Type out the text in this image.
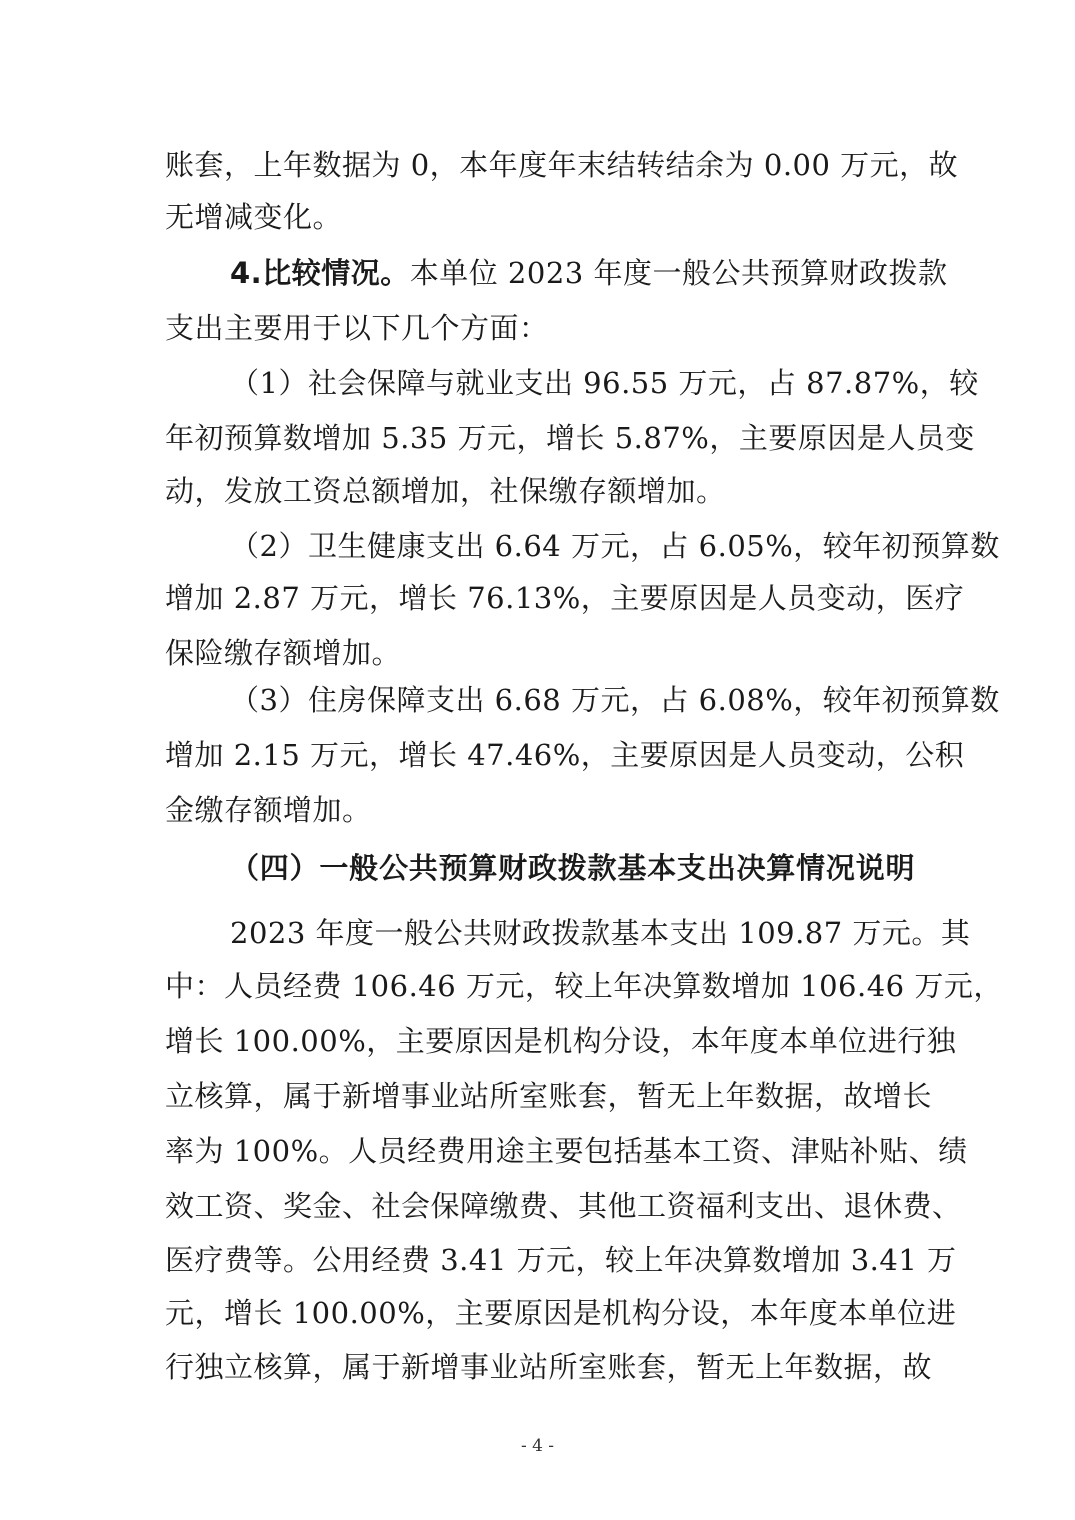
账套，上年数据为 0，本年度年末结转结余为 0.00 万元，故
无增减变化。
4.比较情况。本单位 2023 年度一般公共预算财政拨款
支出主要用于以下几个方面：
（1）社会保障与就业支出 96.55 万元，占 87.87%，较
年初预算数增加 5.35 万元，增长 5.87%，主要原因是人员变
动，发放工资总额增加，社保缴存额增加。
（2）卫生健康支出 6.64 万元，占 6.05%，较年初预算数
增加 2.87 万元，增长 76.13%，主要原因是人员变动，医疗
保险缴存额增加。
（3）住房保障支出 6.68 万元，占 6.08%，较年初预算数
增加 2.15 万元，增长 47.46%，主要原因是人员变动，公积
金缴存额增加。
（四）一般公共预算财政拨款基本支出决算情况说明
2023 年度一般公共财政拨款基本支出 109.87 万元。其
中：人员经费 106.46 万元，较上年决算数增加 106.46 万元，
增长 100.00%，主要原因是机构分设，本年度本单位进行独
立核算，属于新增事业站所室账套，暂无上年数据，故增长
率为 100%。人员经费用途主要包括基本工资、津贴补贴、绩
效工资、奖金、社会保障缴费、其他工资福利支出、退休费、
医疗费等。公用经费 3.41 万元，较上年决算数增加 3.41 万
元，增长 100.00%，主要原因是机构分设，本年度本单位进
行独立核算，属于新增事业站所室账套，暂无上年数据，故
- 4 -
